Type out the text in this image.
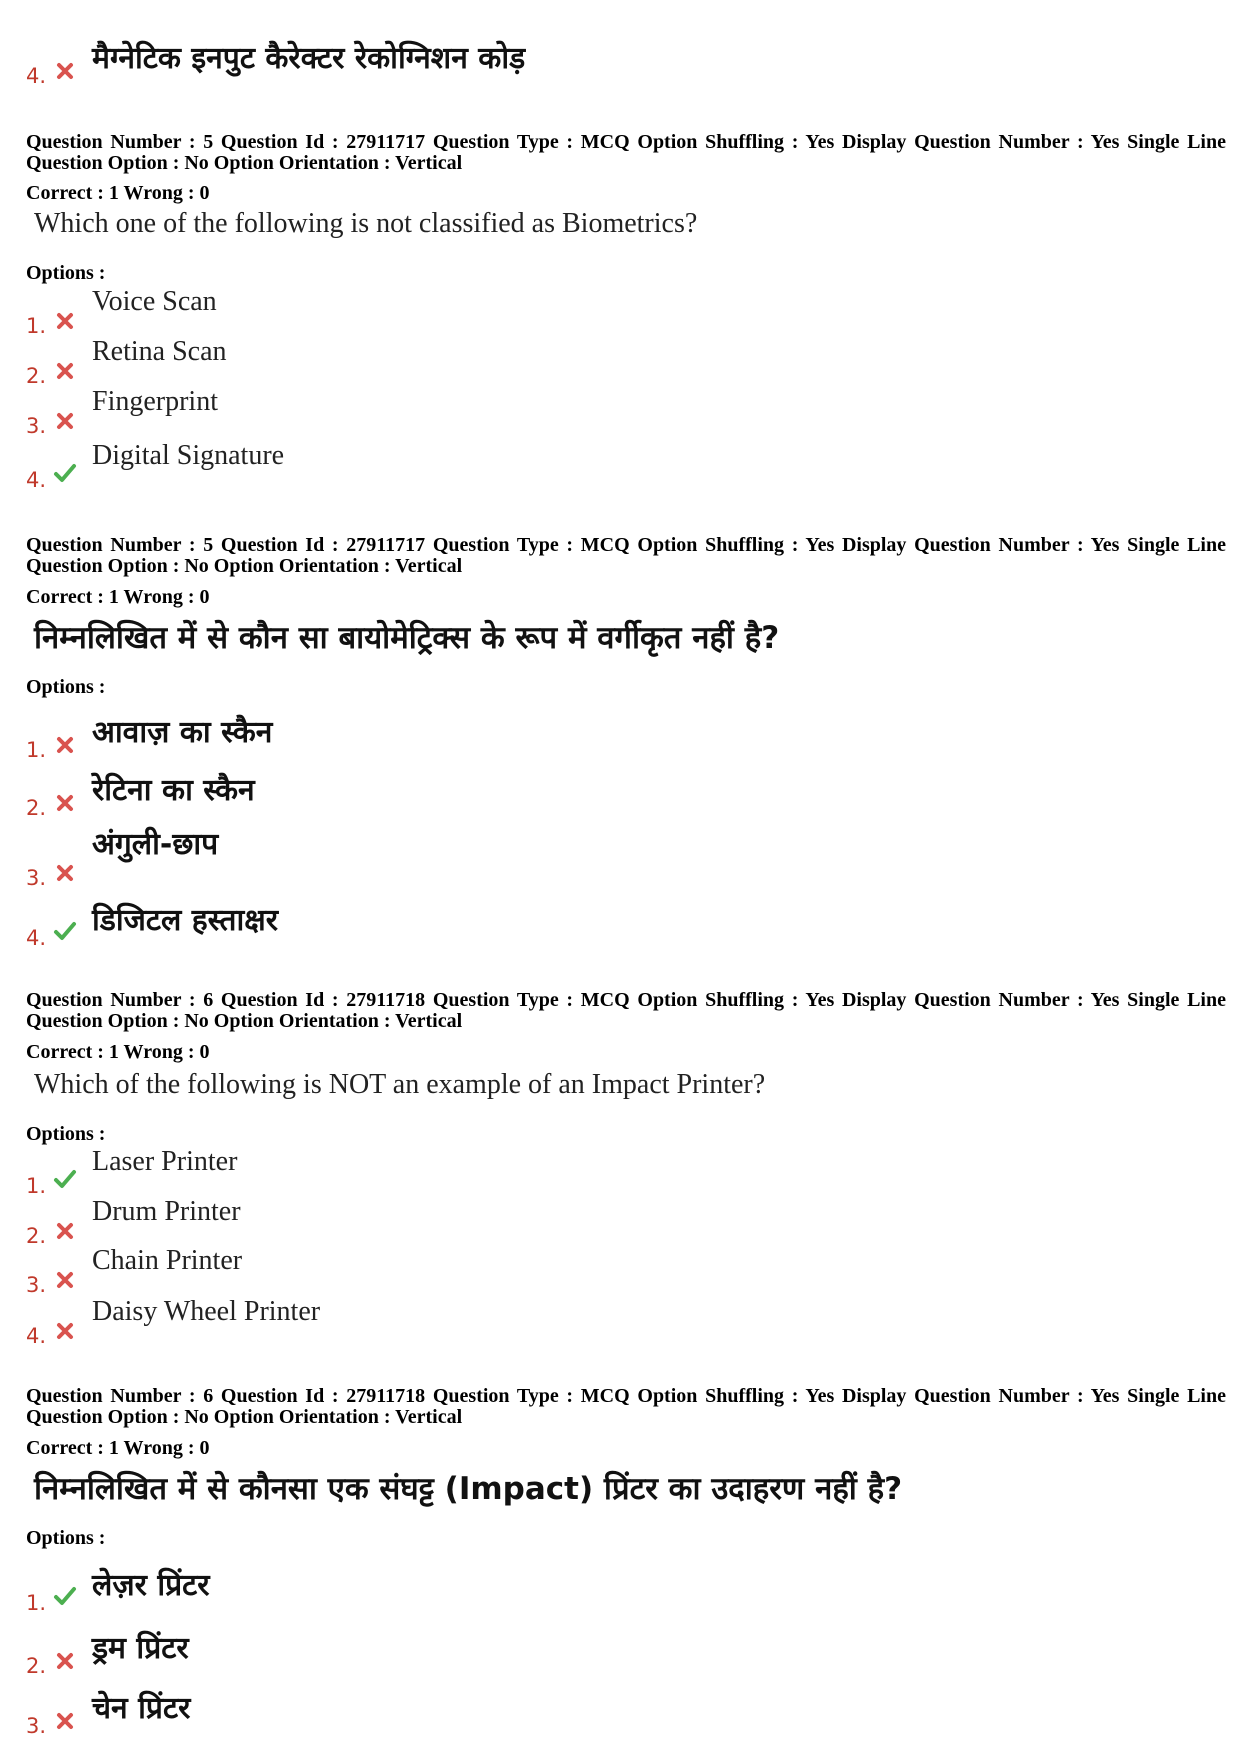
4. मैग्नेटिक इनपुट कैरेक्टर रेकोग्निशन कोड़
Question Number : 5 Question Id : 27911717 Question Type : MCQ Option Shuffling : Yes Display Question Number : Yes Single Line Question Option : No Option Orientation : Vertical
Correct : 1 Wrong : 0
Which one of the following is not classified as Biometrics?
Options :
1.
Voice Scan
2.
Retina Scan
3.
Fingerprint
4.
Digital Signature
Question Number : 5 Question Id : 27911717 Question Type : MCQ Option Shuffling : Yes Display Question Number : Yes Single Line Question Option : No Option Orientation : Vertical
Correct : 1 Wrong : 0
निम्नलिखित में से कौन सा बायोमेट्रिक्स के रूप में वर्गीकृत नहीं है?
Options :
1. आवाज़ का स्कैन
2. रेटिना का स्कैन
3.
अंगुली-छाप
4. डिजिटल हस्ताक्षर
Question Number : 6 Question Id : 27911718 Question Type : MCQ Option Shuffling : Yes Display Question Number : Yes Single Line Question Option : No Option Orientation : Vertical
Correct : 1 Wrong : 0
Which of the following is NOT an example of an Impact Printer?
Options :
1.
Laser Printer
2.
Drum Printer
3.
Chain Printer
4.
Daisy Wheel Printer
Question Number : 6 Question Id : 27911718 Question Type : MCQ Option Shuffling : Yes Display Question Number : Yes Single Line Question Option : No Option Orientation : Vertical
Correct : 1 Wrong : 0
निम्नलिखित में से कौनसा एक संघट्ट (Impact) प्रिंटर का उदाहरण नहीं है?
Options :
1. लेज़र प्रिंटर
2. ड्रम प्रिंटर
3. चेन प्रिंटर
